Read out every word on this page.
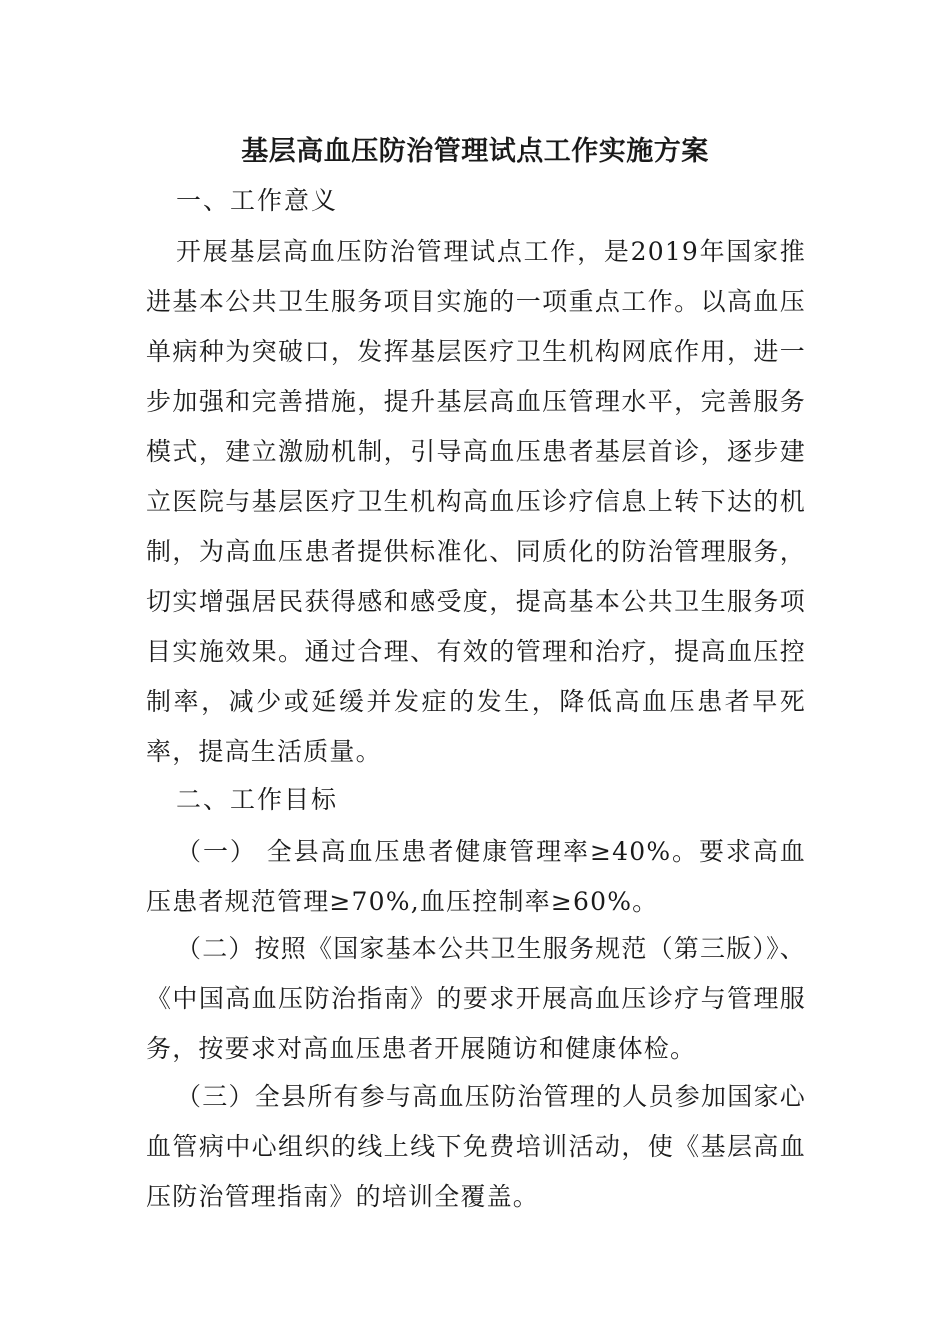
基层高血压防治管理试点工作实施方案
一、工作意义

开展基层高血压防治管理试点工作，是2019年国家推进基本公共卫生服务项目实施的一项重点工作。以高血压单病种为突破口，发挥基层医疗卫生机构网底作用，进一步加强和完善措施，提升基层高血压管理水平，完善服务模式，建立激励机制，引导高血压患者基层首诊，逐步建立医院与基层医疗卫生机构高血压诊疗信息上转下达的机制，为高血压患者提供标准化、同质化的防治管理服务，切实增强居民获得感和感受度，提高基本公共卫生服务项目实施效果。通过合理、有效的管理和治疗，提高血压控制率，减少或延缓并发症的发生，降低高血压患者早死率，提高生活质量。

二、工作目标

（一） 全县高血压患者健康管理率≥40%。要求高血压患者规范管理≥70%,血压控制率≥60%。

（二）按照《国家基本公共卫生服务规范（第三版）》、《中国高血压防治指南》的要求开展高血压诊疗与管理服务，按要求对高血压患者开展随访和健康体检。

（三）全县所有参与高血压防治管理的人员参加国家心血管病中心组织的线上线下免费培训活动，使《基层高血压防治管理指南》的培训全覆盖。
